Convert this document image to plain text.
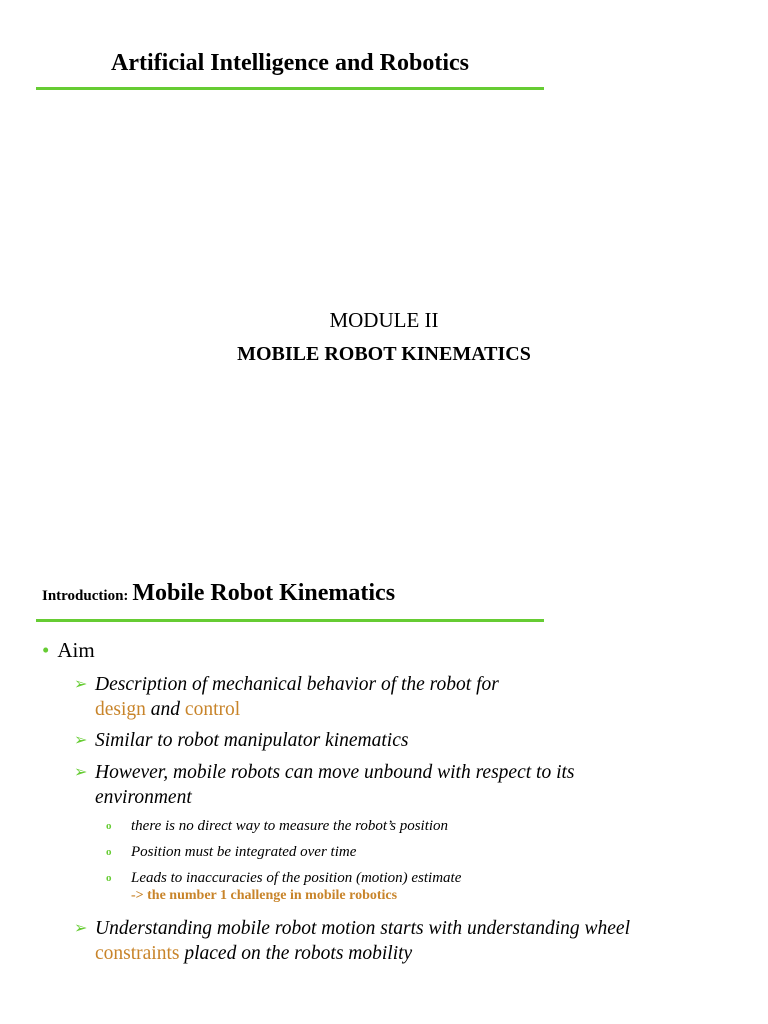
Artificial Intelligence and Robotics
MODULE II
MOBILE ROBOT KINEMATICS
Introduction: Mobile Robot Kinematics
• Aim
➢ Description of mechanical behavior of the robot for
design and control
➢ Similar to robot manipulator kinematics
➢ However, mobile robots can move unbound with respect to its environment
o there is no direct way to measure the robot’s position
o Position must be integrated over time
o Leads to inaccuracies of the position (motion) estimate
-> the number 1 challenge in mobile robotics
➢ Understanding mobile robot motion starts with understanding wheel
constraints placed on the robots mobility
